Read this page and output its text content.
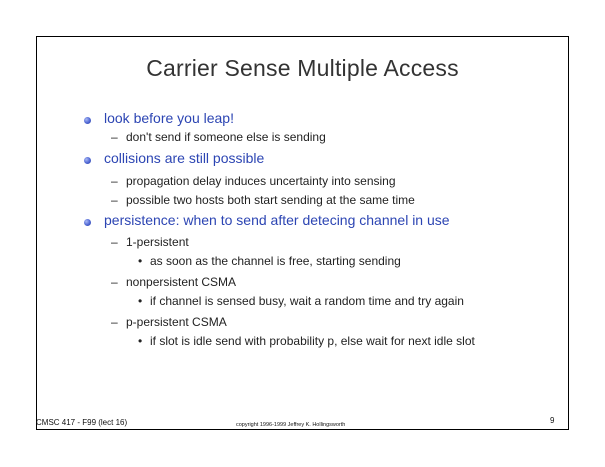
Carrier Sense Multiple Access
look before you leap!
– don't send if someone else is sending
collisions are still possible
– propagation delay induces uncertainty into sensing
– possible two hosts both start sending at the same time
persistence: when to send after detecing channel in use
– 1-persistent
• as soon as the channel is free, starting sending
– nonpersistent CSMA
• if channel is sensed busy, wait a random time and try again
– p-persistent CSMA
• if slot is idle send with probability p, else wait for next idle slot
CMSC 417 - F99 (lect 16)	copyright 1996-1999 Jeffrey K. Hollingsworth	9
